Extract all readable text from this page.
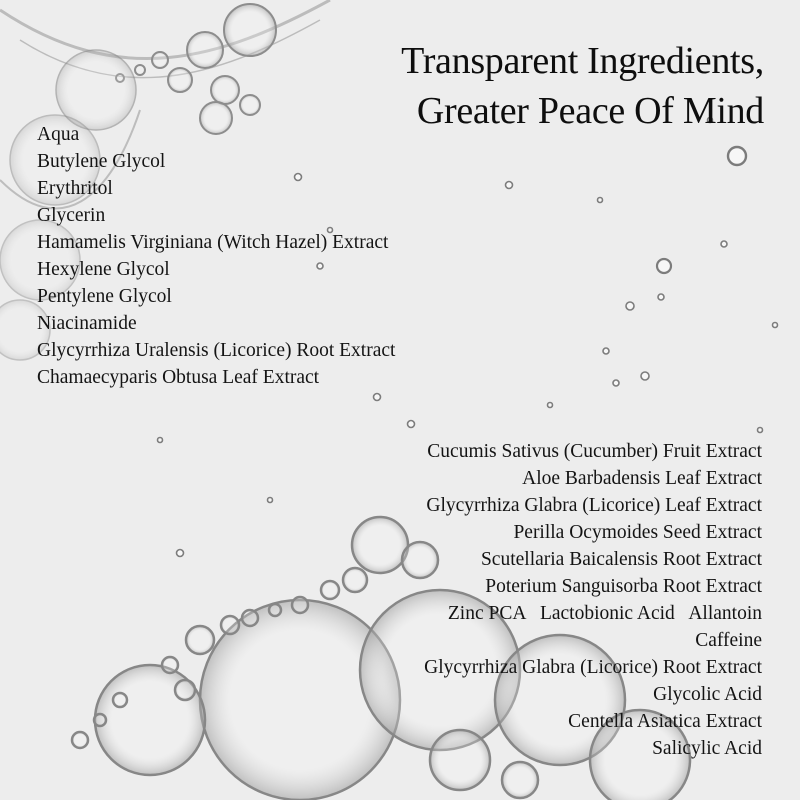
Transparent Ingredients,
Greater Peace Of Mind
Aqua
Butylene Glycol
Erythritol
Glycerin
Hamamelis Virginiana (Witch Hazel) Extract
Hexylene Glycol
Pentylene Glycol
Niacinamide
Glycyrrhiza Uralensis (Licorice) Root Extract
Chamaecyparis Obtusa Leaf Extract
Cucumis Sativus (Cucumber) Fruit Extract
Aloe Barbadensis Leaf Extract
Glycyrrhiza Glabra (Licorice) Leaf Extract
Perilla Ocymoides Seed Extract
Scutellaria Baicalensis Root Extract
Poterium Sanguisorba Root Extract
Zinc PCA   Lactobionic Acid   Allantoin
Caffeine
Glycyrrhiza Glabra (Licorice) Root Extract
Glycolic Acid
Centella Asiatica Extract
Salicylic Acid
